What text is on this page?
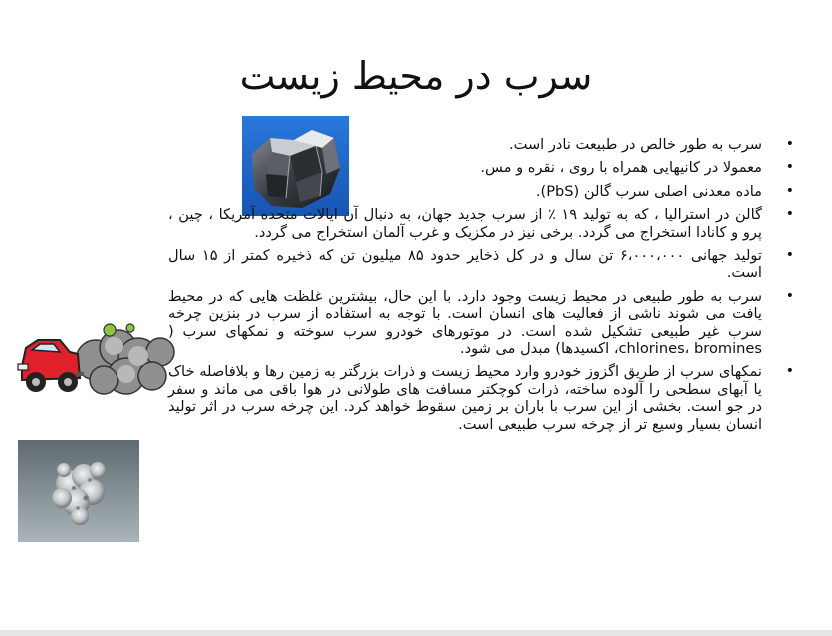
سرب در محیط زیست
•
سرب به طور خالص در طبیعت نادر است.
•
معمولا در کانیهایی همراه با روی ، نقره و مس.
•
ماده معدنی اصلی سرب گالن (PbS).
•
گالن در استرالیا ، که به تولید ۱۹ ٪ از سرب جدید جهان، به دنبال آن ایالات متحده آمریکا ، چین ، پرو و کانادا استخراج می گردد. برخی نیز در مکزیک و غرب آلمان استخراج می گردد.
•
تولید جهانی ۶،۰۰۰،۰۰۰ تن سال و در کل ذخایر حدود ۸۵ میلیون تن که ذخیره کمتر از ۱۵ سال است.
•
سرب به طور طبیعی در محیط زیست وجود دارد. با این حال، بیشترین غلظت هایی که در محیط یافت می شوند ناشی از فعالیت های انسان است. با توجه به استفاده از سرب در بنزین چرخه سرب غیر طبیعی تشکیل شده است. در موتورهای خودرو سرب سوخته و نمکهای سرب ( chlorines، bromines، اکسیدها) مبدل می شود.
•
نمکهای سرب از طریق اگزوز خودرو وارد محیط زیست و ذرات بزرگتر به زمین رها و بلافاصله خاک یا آبهای سطحی را آلوده ساخته، ذرات کوچکتر مسافت های طولانی در هوا باقی می ماند و سفر در جو است. بخشی از این سرب با باران بر زمین سقوط خواهد کرد. این چرخه سرب در اثر تولید انسان بسیار وسیع تر از چرخه سرب طبیعی است.
